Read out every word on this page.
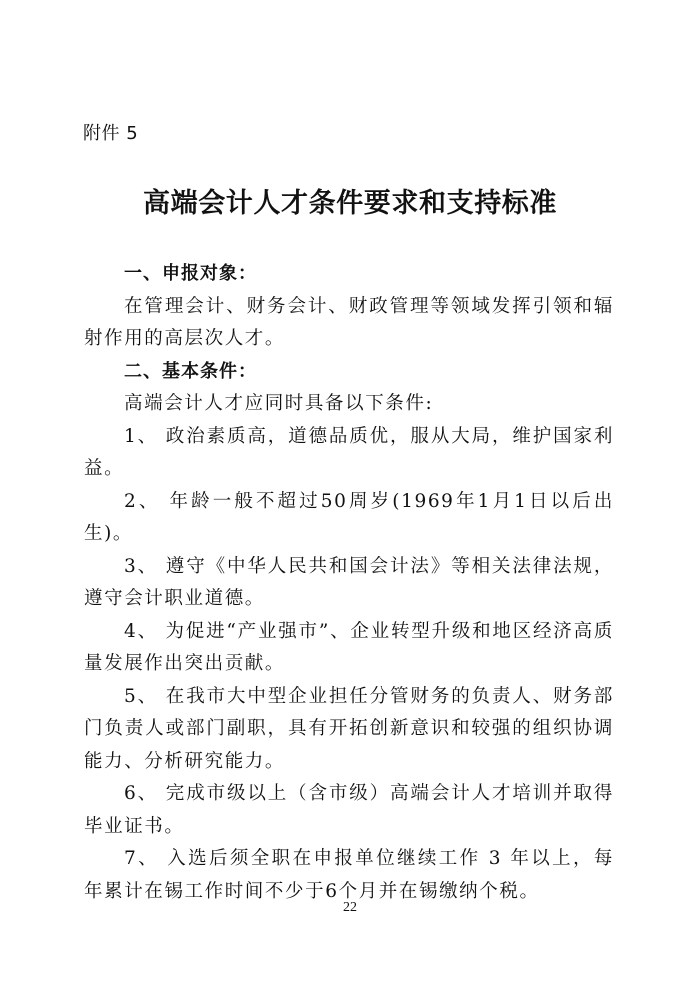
附件 5
高端会计人才条件要求和支持标准

一、申报对象：

在管理会计、财务会计、财政管理等领域发挥引领和辐射作用的高层次人才。

二、基本条件：

高端会计人才应同时具备以下条件:

1、 政治素质高，道德品质优，服从大局，维护国家利益。

2、 年龄一般不超过50周岁(1969年1月1日以后出生)。

3、 遵守《中华人民共和国会计法》等相关法律法规，遵守会计职业道德。

4、 为促进“产业强市”、企业转型升级和地区经济高质量发展作出突出贡献。

5、 在我市大中型企业担任分管财务的负责人、财务部门负责人或部门副职，具有开拓创新意识和较强的组织协调能力、分析研究能力。

6、 完成市级以上（含市级）高端会计人才培训并取得毕业证书。

7、 入选后须全职在申报单位继续工作 3 年以上，每年累计在锡工作时间不少于6个月并在锡缴纳个税。

22
